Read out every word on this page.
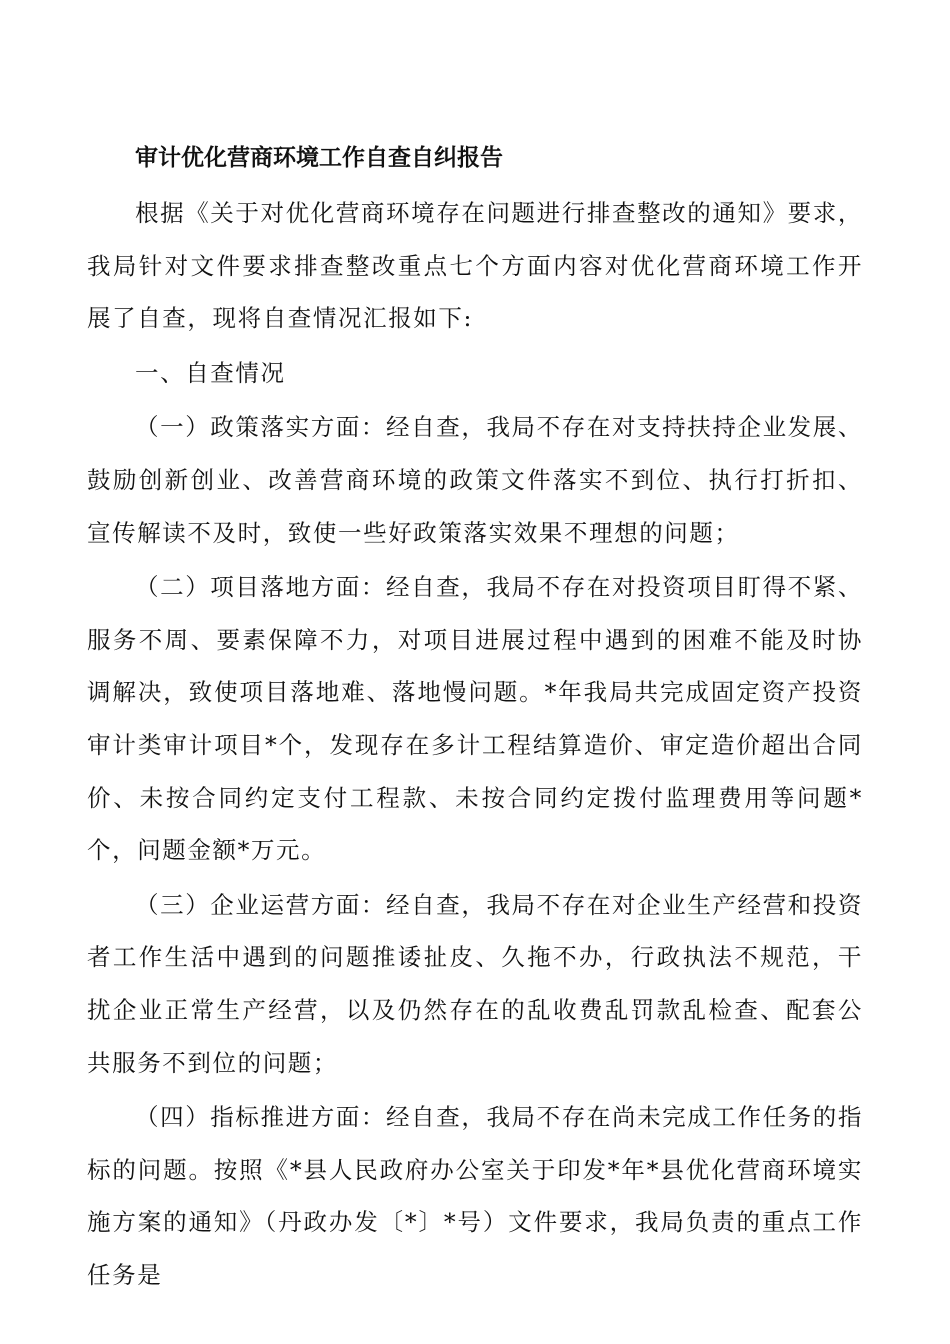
审计优化营商环境工作自查自纠报告

根据《关于对优化营商环境存在问题进行排查整改的通知》要求，我局针对文件要求排查整改重点七个方面内容对优化营商环境工作开展了自查，现将自查情况汇报如下:

一、自查情况

（一）政策落实方面：经自查，我局不存在对支持扶持企业发展、鼓励创新创业、改善营商环境的政策文件落实不到位、执行打折扣、宣传解读不及时，致使一些好政策落实效果不理想的问题；

（二）项目落地方面：经自查，我局不存在对投资项目盯得不紧、服务不周、要素保障不力，对项目进展过程中遇到的困难不能及时协调解决，致使项目落地难、落地慢问题。*年我局共完成固定资产投资审计类审计项目*个，发现存在多计工程结算造价、审定造价超出合同价、未按合同约定支付工程款、未按合同约定拨付监理费用等问题*个，问题金额*万元。

（三）企业运营方面：经自查，我局不存在对企业生产经营和投资者工作生活中遇到的问题推诿扯皮、久拖不办，行政执法不规范，干扰企业正常生产经营，以及仍然存在的乱收费乱罚款乱检查、配套公共服务不到位的问题；

（四）指标推进方面：经自查，我局不存在尚未完成工作任务的指标的问题。按照《*县人民政府办公室关于印发*年*县优化营商环境实施方案的通知》（丹政办发〔*〕*号）文件要求，我局负责的重点工作任务是
